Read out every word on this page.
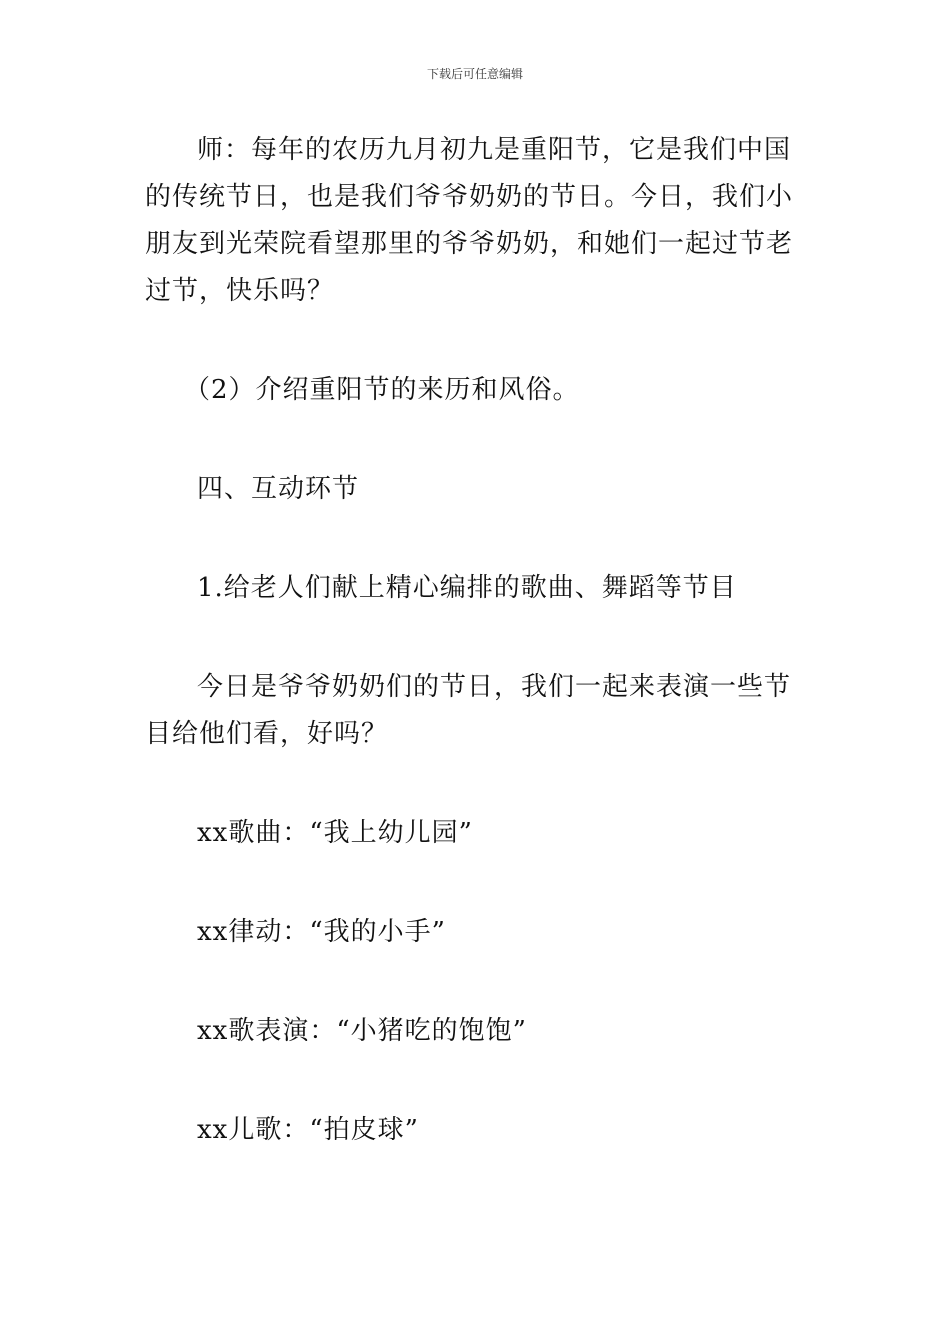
下载后可任意编辑

师：每年的农历九月初九是重阳节，它是我们中国的传统节日，也是我们爷爷奶奶的节日。今日，我们小朋友到光荣院看望那里的爷爷奶奶，和她们一起过节老过节，快乐吗？

（2）介绍重阳节的来历和风俗。

四、互动环节

1.给老人们献上精心编排的歌曲、舞蹈等节目

今日是爷爷奶奶们的节日，我们一起来表演一些节目给他们看，好吗？

xx歌曲：“我上幼儿园”

xx律动：“我的小手”

xx歌表演：“小猪吃的饱饱”

xx儿歌：“拍皮球”
